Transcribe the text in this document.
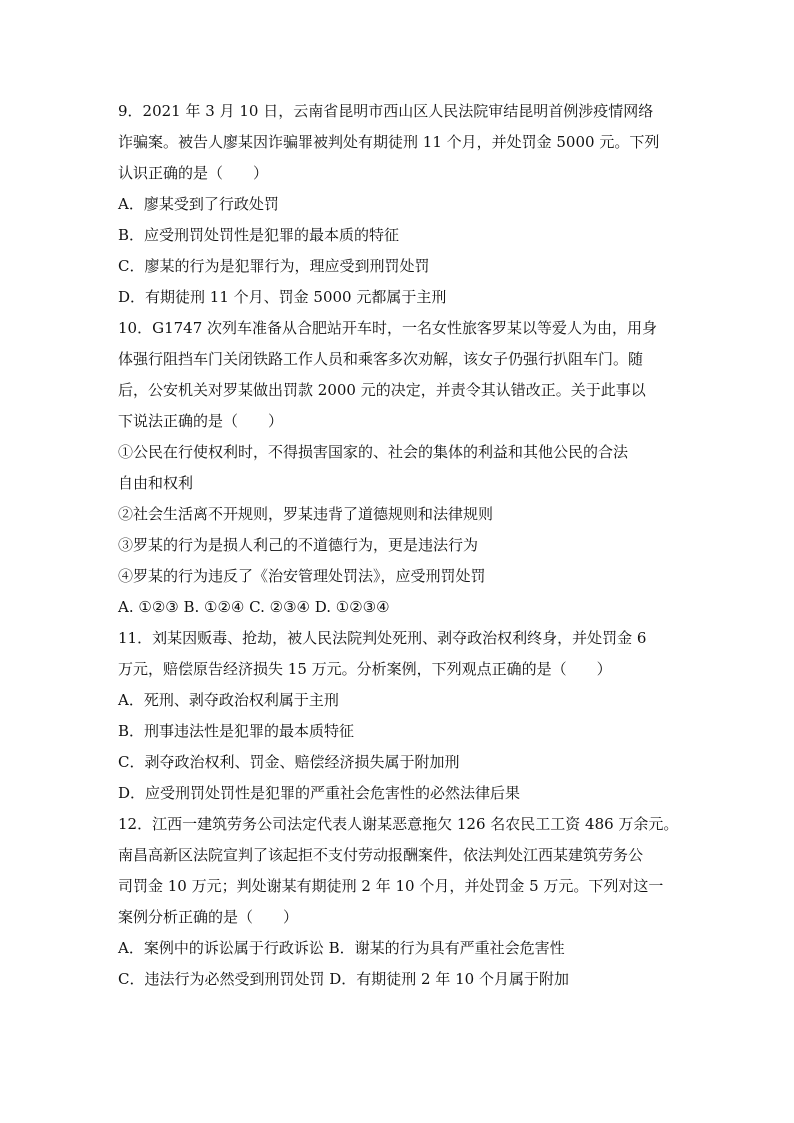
9．2021 年 3 月 10 日，云南省昆明市西山区人民法院审结昆明首例涉疫情网络
诈骗案。被告人廖某因诈骗罪被判处有期徒刑 11 个月，并处罚金 5000 元。下列
认识正确的是（　　）
A．廖某受到了行政处罚
B．应受刑罚处罚性是犯罪的最本质的特征
C．廖某的行为是犯罪行为，理应受到刑罚处罚
D．有期徒刑 11 个月、罚金 5000 元都属于主刑
10．G1747 次列车准备从合肥站开车时，一名女性旅客罗某以等爱人为由，用身
体强行阻挡车门关闭铁路工作人员和乘客多次劝解，该女子仍强行扒阻车门。随
后，公安机关对罗某做出罚款 2000 元的决定，并责令其认错改正。关于此事以
下说法正确的是（　　）
①公民在行使权利时，不得损害国家的、社会的集体的利益和其他公民的合法
自由和权利
②社会生活离不开规则，罗某违背了道德规则和法律规则
③罗某的行为是损人利己的不道德行为，更是违法行为
④罗某的行为违反了《治安管理处罚法》，应受刑罚处罚
A. ①②③ B. ①②④ C. ②③④ D. ①②③④
11．刘某因贩毒、抢劫，被人民法院判处死刑、剥夺政治权利终身，并处罚金 6
万元，赔偿原告经济损失 15 万元。分析案例，下列观点正确的是（　　）
A．死刑、剥夺政治权利属于主刑
B．刑事违法性是犯罪的最本质特征
C．剥夺政治权利、罚金、赔偿经济损失属于附加刑
D．应受刑罚处罚性是犯罪的严重社会危害性的必然法律后果
12．江西一建筑劳务公司法定代表人谢某恶意拖欠 126 名农民工工资 486 万余元。
南昌高新区法院宣判了该起拒不支付劳动报酬案件，依法判处江西某建筑劳务公
司罚金 10 万元；判处谢某有期徒刑 2 年 10 个月，并处罚金 5 万元。下列对这一
案例分析正确的是（　　）
A．案例中的诉讼属于行政诉讼 B．谢某的行为具有严重社会危害性
C．违法行为必然受到刑罚处罚 D．有期徒刑 2 年 10 个月属于附加
